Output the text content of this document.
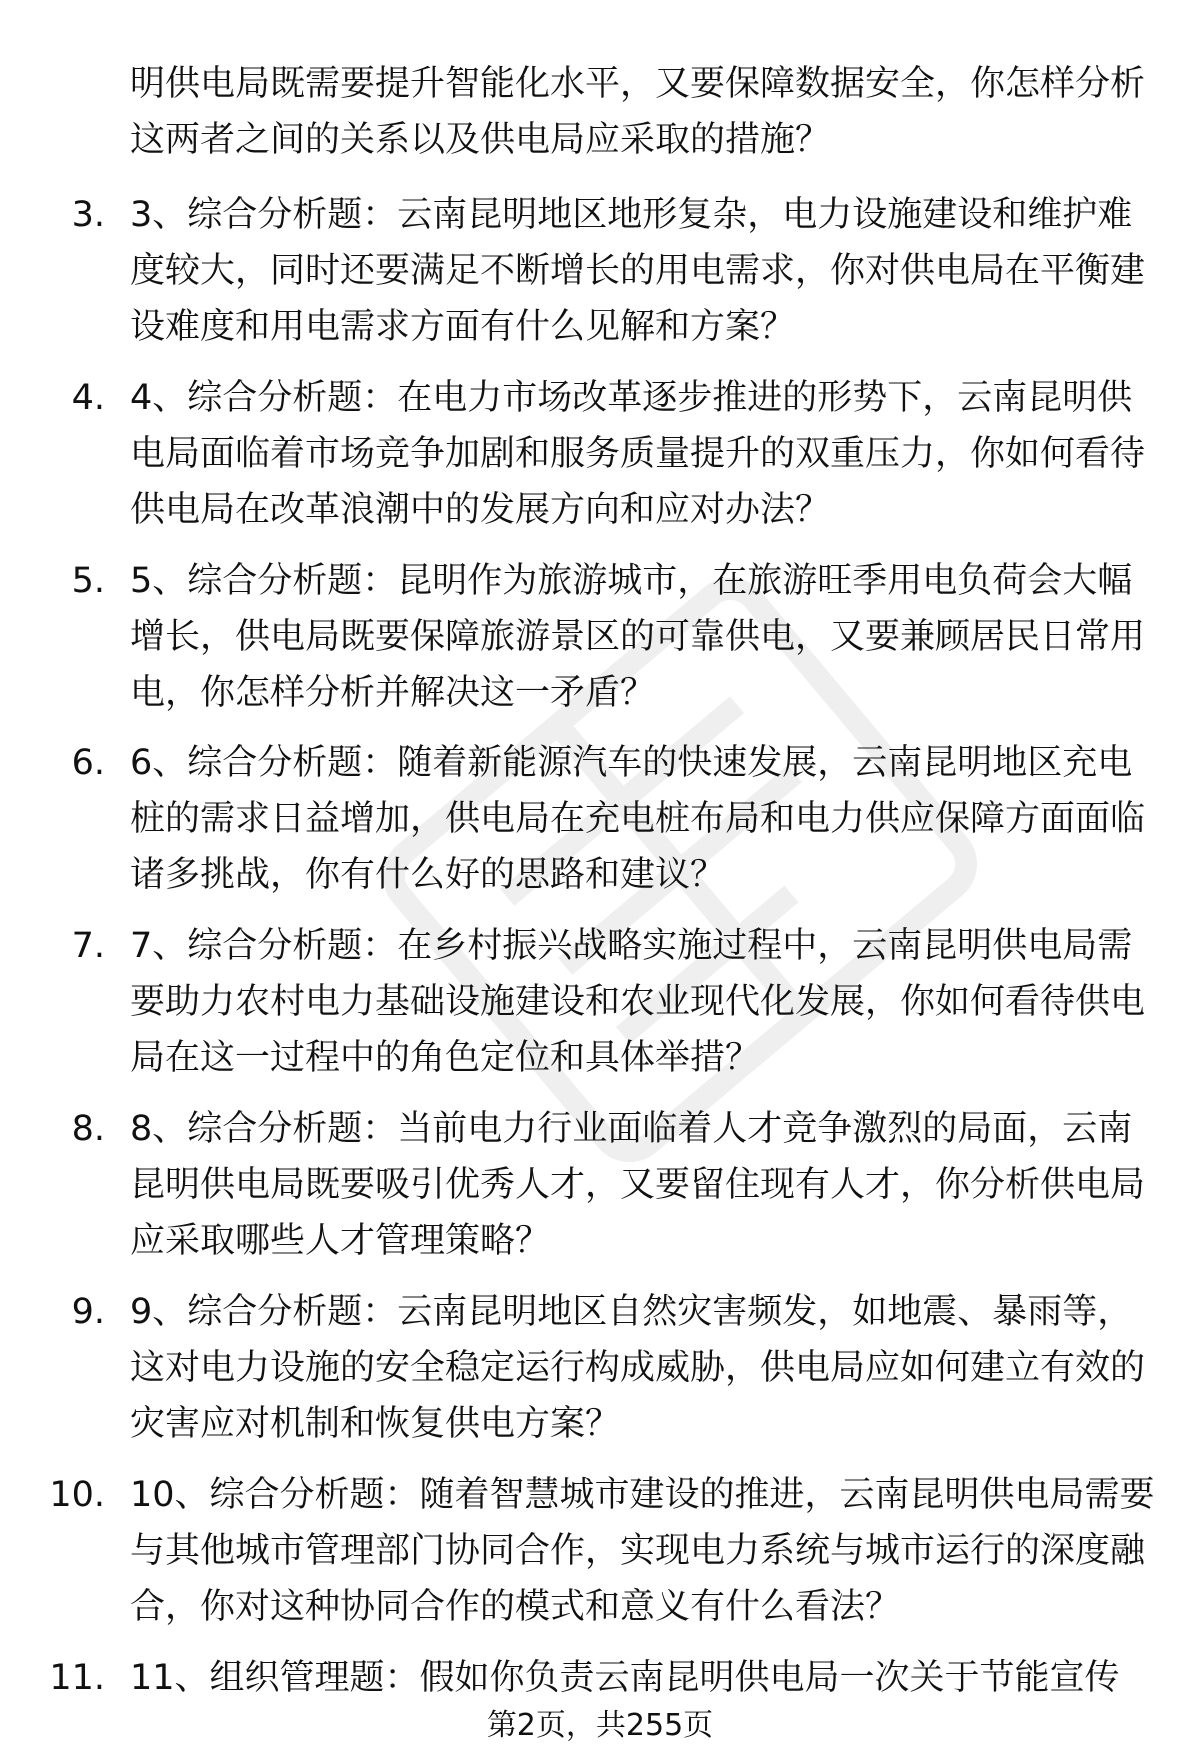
明供电局既需要提升智能化水平，又要保障数据安全，你怎样分析这两者之间的关系以及供电局应采取的措施？

3. 3、综合分析题：云南昆明地区地形复杂，电力设施建设和维护难度较大，同时还要满足不断增长的用电需求，你对供电局在平衡建设难度和用电需求方面有什么见解和方案？

4. 4、综合分析题：在电力市场改革逐步推进的形势下，云南昆明供电局面临着市场竞争加剧和服务质量提升的双重压力，你如何看待供电局在改革浪潮中的发展方向和应对办法？

5. 5、综合分析题：昆明作为旅游城市，在旅游旺季用电负荷会大幅增长，供电局既要保障旅游景区的可靠供电，又要兼顾居民日常用电，你怎样分析并解决这一矛盾？

6. 6、综合分析题：随着新能源汽车的快速发展，云南昆明地区充电桩的需求日益增加，供电局在充电桩布局和电力供应保障方面面临诸多挑战，你有什么好的思路和建议？

7. 7、综合分析题：在乡村振兴战略实施过程中，云南昆明供电局需要助力农村电力基础设施建设和农业现代化发展，你如何看待供电局在这一过程中的角色定位和具体举措？

8. 8、综合分析题：当前电力行业面临着人才竞争激烈的局面，云南昆明供电局既要吸引优秀人才，又要留住现有人才，你分析供电局应采取哪些人才管理策略？

9. 9、综合分析题：云南昆明地区自然灾害频发，如地震、暴雨等，这对电力设施的安全稳定运行构成威胁，供电局应如何建立有效的灾害应对机制和恢复供电方案？

10. 10、综合分析题：随着智慧城市建设的推进，云南昆明供电局需要与其他城市管理部门协同合作，实现电力系统与城市运行的深度融合，你对这种协同合作的模式和意义有什么看法？

11. 11、组织管理题：假如你负责云南昆明供电局一次关于节能宣传

第2页，共255页
